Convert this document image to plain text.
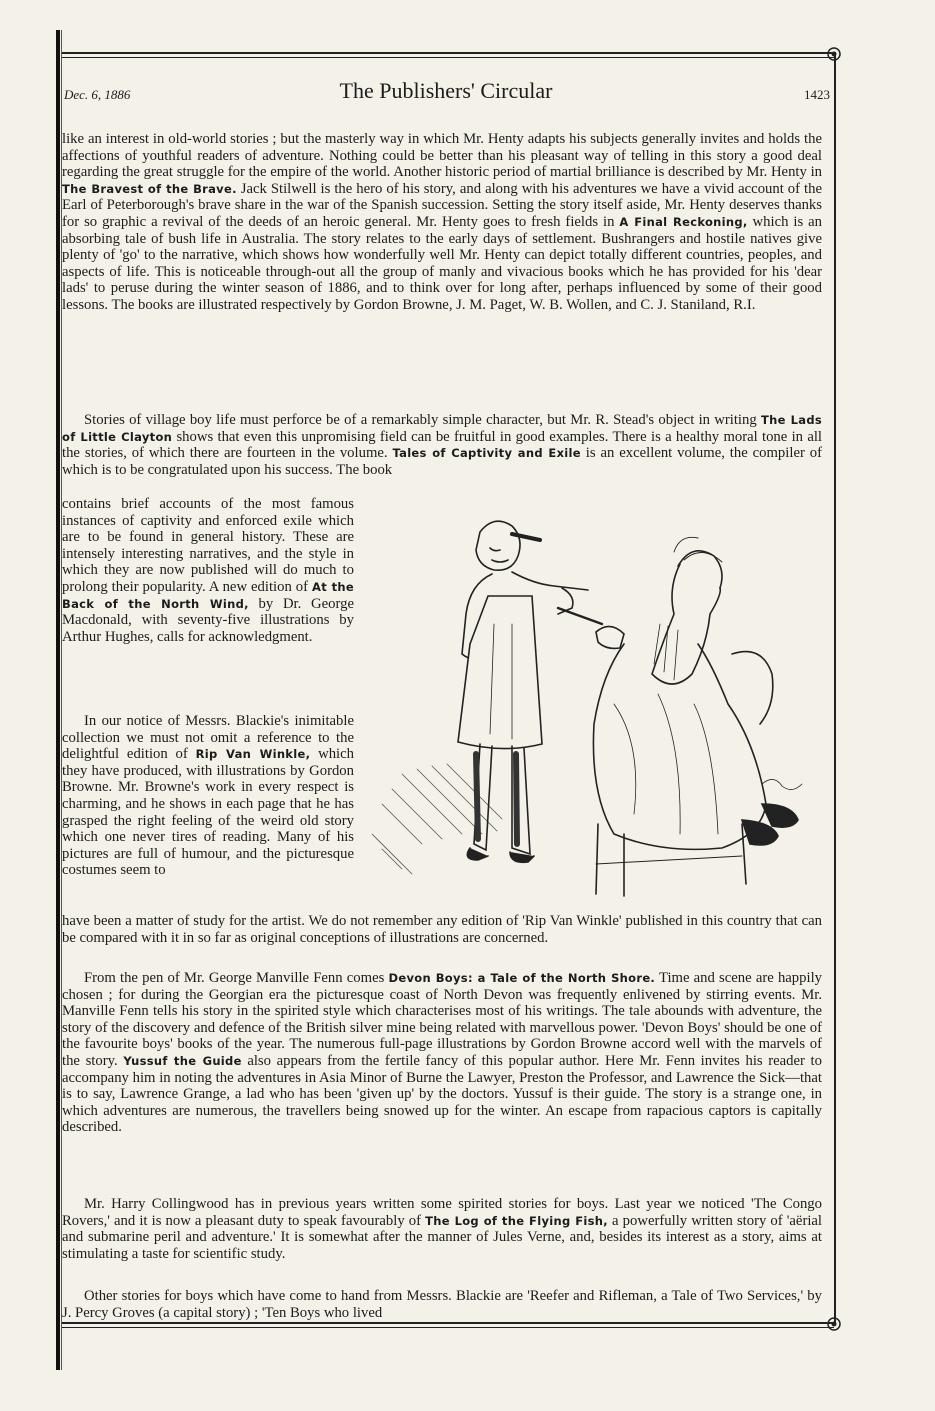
Dec. 6, 1886	The Publishers' Circular	1423

like an interest in old-world stories ; but the masterly way in which Mr. Henty adapts his subjects generally invites and holds the affections of youthful readers of adventure. Nothing could be better than his pleasant way of telling in this story a good deal regarding the great struggle for the empire of the world. Another historic period of martial brilliance is described by Mr. Henty in The Bravest of the Brave. Jack Stilwell is the hero of his story, and along with his adventures we have a vivid account of the Earl of Peterborough's brave share in the war of the Spanish succession. Setting the story itself aside, Mr. Henty deserves thanks for so graphic a revival of the deeds of an heroic general. Mr. Henty goes to fresh fields in A Final Reckoning, which is an absorbing tale of bush life in Australia. The story relates to the early days of settlement. Bushrangers and hostile natives give plenty of 'go' to the narrative, which shows how wonderfully well Mr. Henty can depict totally different countries, peoples, and aspects of life. This is noticeable through-out all the group of manly and vivacious books which he has provided for his 'dear lads' to peruse during the winter season of 1886, and to think over for long after, perhaps influenced by some of their good lessons. The books are illustrated respectively by Gordon Browne, J. M. Paget, W. B. Wollen, and C. J. Staniland, R.I.

Stories of village boy life must perforce be of a remarkably simple character, but Mr. R. Stead's object in writing The Lads of Little Clayton shows that even this unpromising field can be fruitful in good examples. There is a healthy moral tone in all the stories, of which there are fourteen in the volume. Tales of Captivity and Exile is an excellent volume, the compiler of which is to be congratulated upon his success. The book

contains brief accounts of the most famous instances of captivity and enforced exile which are to be found in general history. These are intensely interesting narratives, and the style in which they are now published will do much to prolong their popularity. A new edition of At the Back of the North Wind, by Dr. George Macdonald, with seventy-five illustrations by Arthur Hughes, calls for acknowledgment.

In our notice of Messrs. Blackie's inimitable collection we must not omit a reference to the delightful edition of Rip Van Winkle, which they have produced, with illustrations by Gordon Browne. Mr. Browne's work in every respect is charming, and he shows in each page that he has grasped the right feeling of the weird old story which one never tires of reading. Many of his pictures are full of humour, and the picturesque costumes seem to

have been a matter of study for the artist. We do not remember any edition of 'Rip Van Winkle' published in this country that can be compared with it in so far as original conceptions of illustrations are concerned.

From the pen of Mr. George Manville Fenn comes Devon Boys: a Tale of the North Shore. Time and scene are happily chosen ; for during the Georgian era the picturesque coast of North Devon was frequently enlivened by stirring events. Mr. Manville Fenn tells his story in the spirited style which characterises most of his writings. The tale abounds with adventure, the story of the discovery and defence of the British silver mine being related with marvellous power. 'Devon Boys' should be one of the favourite boys' books of the year. The numerous full-page illustrations by Gordon Browne accord well with the marvels of the story. Yussuf the Guide also appears from the fertile fancy of this popular author. Here Mr. Fenn invites his reader to accompany him in noting the adventures in Asia Minor of Burne the Lawyer, Preston the Professor, and Lawrence the Sick—that is to say, Lawrence Grange, a lad who has been 'given up' by the doctors. Yussuf is their guide. The story is a strange one, in which adventures are numerous, the travellers being snowed up for the winter. An escape from rapacious captors is capitally described.

Mr. Harry Collingwood has in previous years written some spirited stories for boys. Last year we noticed 'The Congo Rovers,' and it is now a pleasant duty to speak favourably of The Log of the Flying Fish, a powerfully written story of 'aërial and submarine peril and adventure.' It is somewhat after the manner of Jules Verne, and, besides its interest as a story, aims at stimulating a taste for scientific study.

Other stories for boys which have come to hand from Messrs. Blackie are 'Reefer and Rifleman, a Tale of Two Services,' by J. Percy Groves (a capital story) ; 'Ten Boys who lived
